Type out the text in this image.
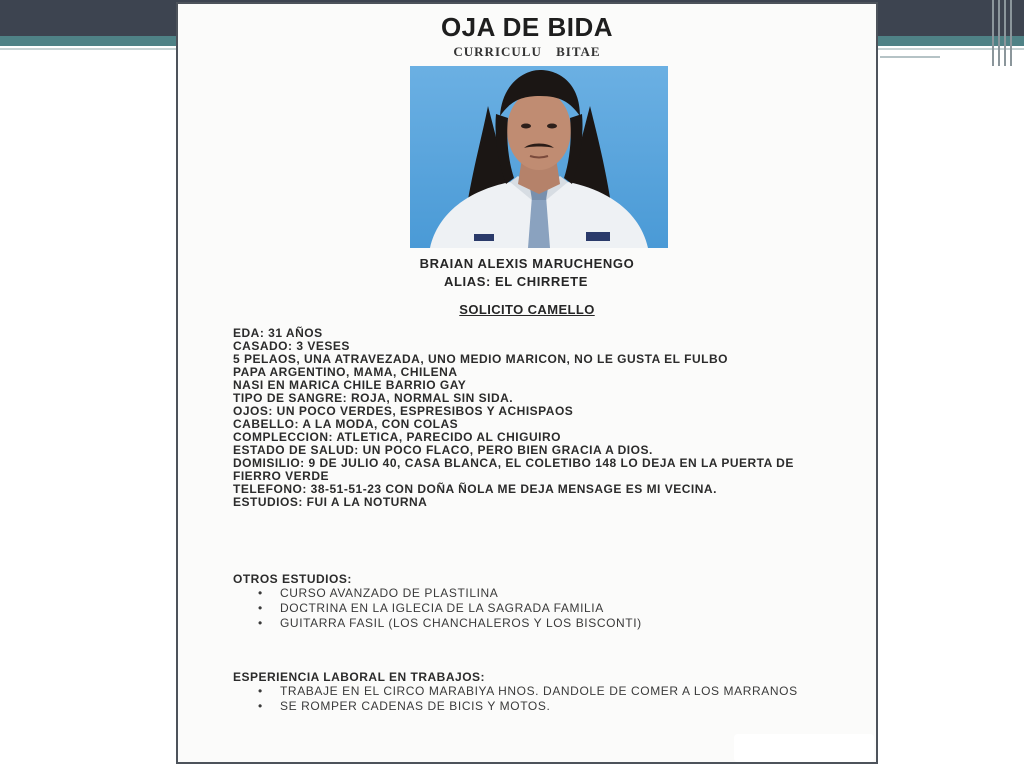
OJA DE BIDA
CURRICULU BITAE
BRAIAN ALEXIS MARUCHENGO
ALIAS: EL CHIRRETE
SOLICITO CAMELLO
EDA: 31 AÑOS
CASADO: 3 VESES
5 PELAOS, UNA ATRAVEZADA, UNO MEDIO MARICON, NO LE GUSTA EL FULBO
PAPA ARGENTINO, MAMA, CHILENA
NASI EN MARICA CHILE BARRIO GAY
TIPO DE SANGRE: ROJA, NORMAL SIN SIDA.
OJOS: UN POCO VERDES, ESPRESIBOS Y ACHISPAOS
CABELLO: A LA MODA, CON COLAS
COMPLECCION: ATLETICA, PARECIDO AL CHIGUIRO
ESTADO DE SALUD: UN POCO FLACO, PERO BIEN GRACIA A DIOS.
DOMISILIO: 9 DE JULIO 40, CASA BLANCA, EL COLETIBO 148 LO DEJA EN LA PUERTA DE FIERRO VERDE
TELEFONO: 38-51-51-23 CON DOÑA ÑOLA ME DEJA MENSAGE ES MI VECINA.
ESTUDIOS: FUI A LA NOTURNA
OTROS ESTUDIOS:
• CURSO AVANZADO DE PLASTILINA
• DOCTRINA EN LA IGLECIA DE LA SAGRADA FAMILIA
• GUITARRA FASIL (LOS CHANCHALEROS Y LOS BISCONTI)
ESPERIENCIA LABORAL EN TRABAJOS:
• TRABAJE EN EL CIRCO MARABIYA HNOS. DANDOLE DE COMER A LOS MARRANOS
• SE ROMPER CADENAS DE BICIS Y MOTOS.
